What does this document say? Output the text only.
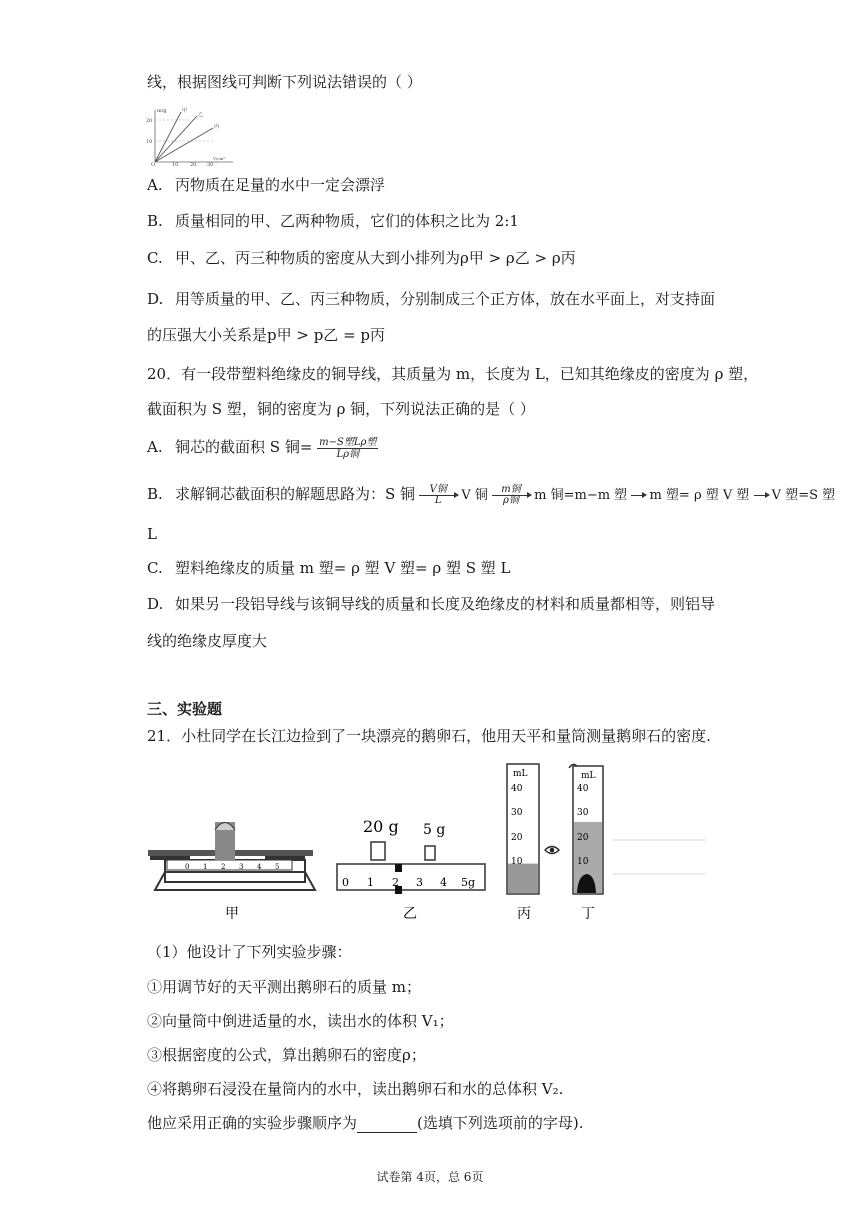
线，根据图线可判断下列说法错误的（ ）
m/g
20
10
O	10 20 30
V/cm³
甲
乙
丙
A. 丙物质在足量的水中一定会漂浮
B. 质量相同的甲、乙两种物质，它们的体积之比为 2:1
C. 甲、乙、丙三种物质的密度从大到小排列为ρ甲 > ρ乙 > ρ丙
D. 用等质量的甲、乙、丙三种物质，分别制成三个正方体，放在水平面上，对支持面
的压强大小关系是p甲 > p乙 = p丙
20．有一段带塑料绝缘皮的铜导线，其质量为 m，长度为 L，已知其绝缘皮的密度为 ρ 塑，
截面积为 S 塑，铜的密度为 ρ 铜，下列说法正确的是（ ）
A. 铜芯的截面积 S 铜= $\frac{\text{m−S塑Lρ塑}}{\text{Lρ铜}}$
B. 求解铜芯截面积的解题思路为：S 铜	V铜
L	V 铜	m铜
ρ铜	m 铜=m−m 塑 m 塑= ρ 塑 V 塑 V 塑=S 塑
L
C. 塑料绝缘皮的质量 m 塑= ρ 塑 V 塑= ρ 塑 S 塑 L
D. 如果另一段铝导线与该铜导线的质量和长度及绝缘皮的材料和质量都相等，则铝导
线的绝缘皮厚度大
三、实验题
21．小杜同学在长江边捡到了一块漂亮的鹅卵石，他用天平和量筒测量鹅卵石的密度.
0 1 2 3 4 5
甲
20 g 5 g
0 1 2 3 4 5g
乙
mL
40
30
20
10
丙
mL
40
30
20
10
丁
（1）他设计了下列实验步骤：
①用调节好的天平测出鹅卵石的质量 m；
②向量筒中倒进适量的水，读出水的体积 V₁；
③根据密度的公式，算出鹅卵石的密度ρ；
④将鹅卵石浸没在量筒内的水中，读出鹅卵石和水的总体积 V₂.
他应采用正确的实验步骤顺序为	(选填下列选项前的字母).
试卷第 4页，总 6页
